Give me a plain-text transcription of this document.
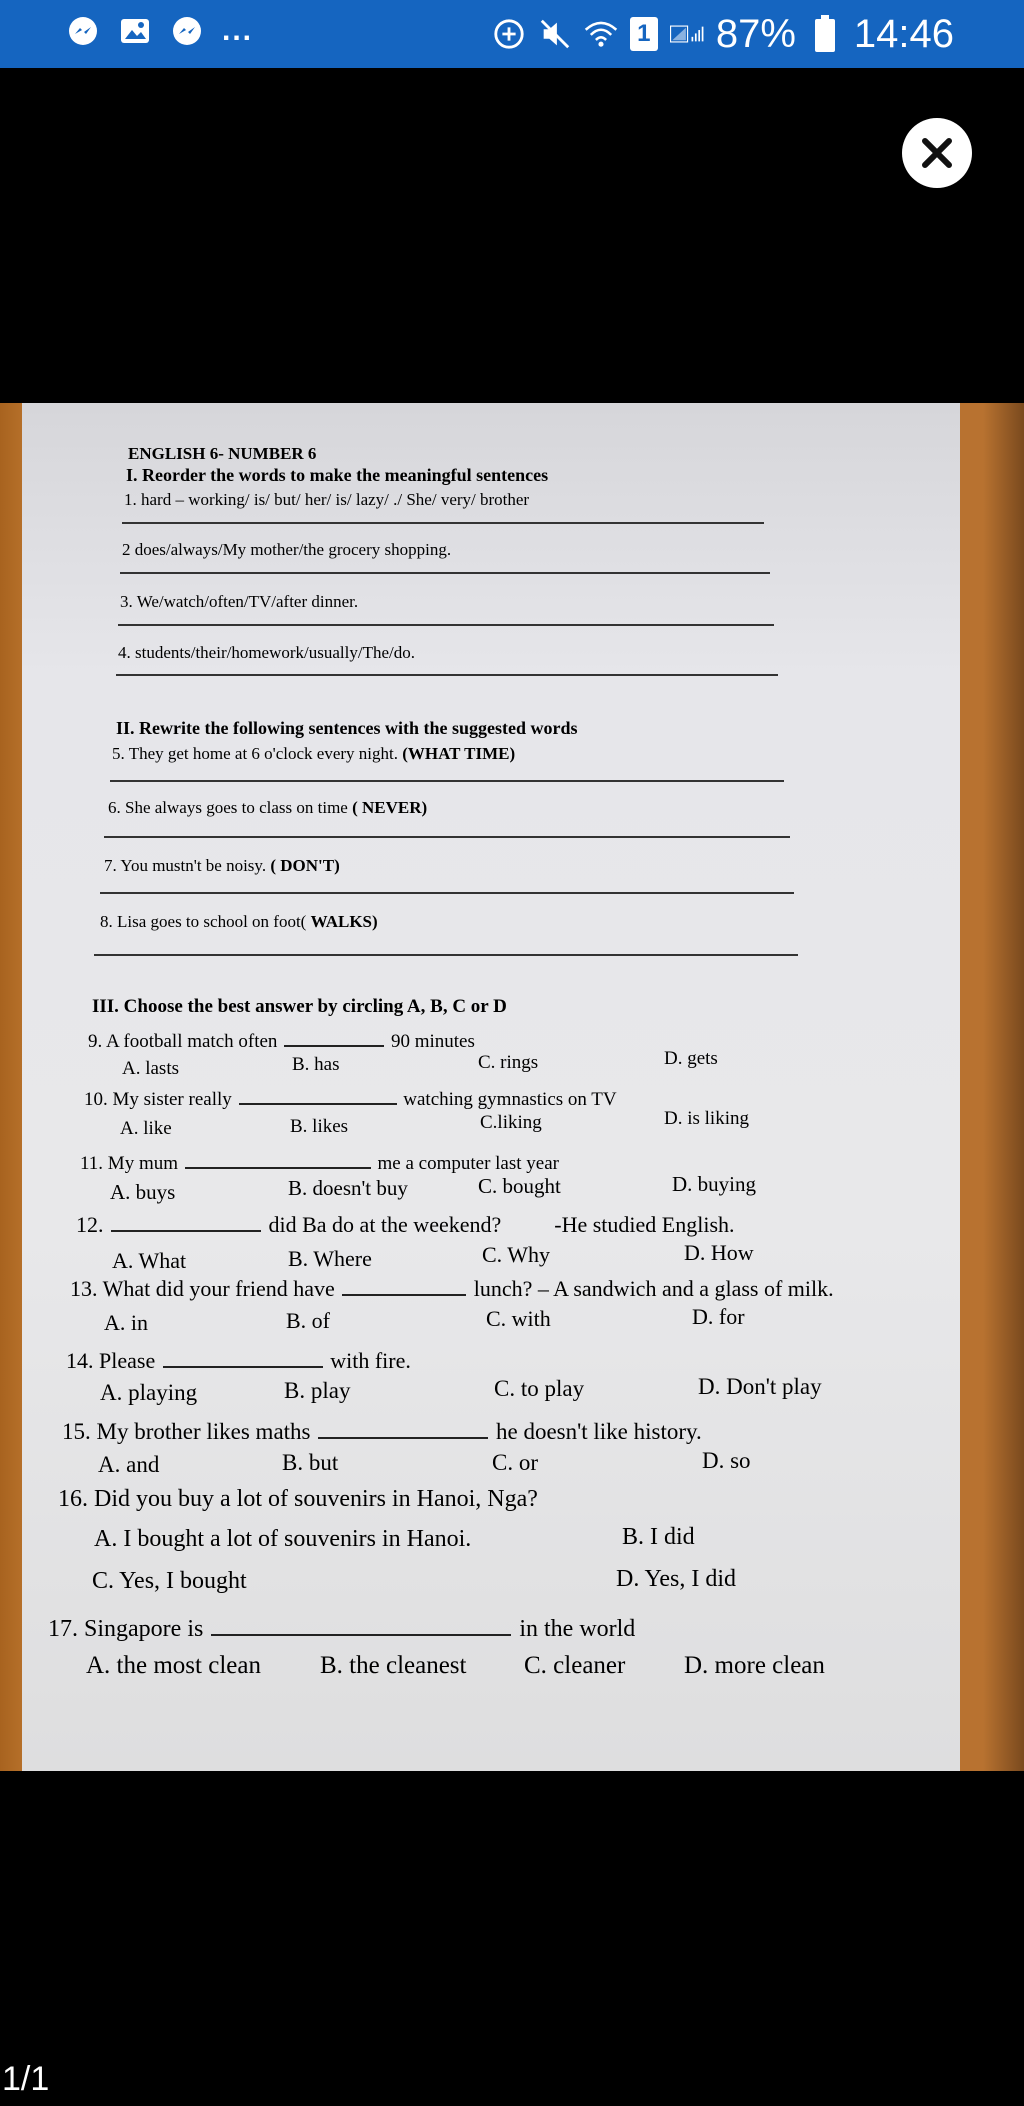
...	1 87% 14:46
ENGLISH 6- NUMBER 6
I. Reorder the words to make the meaningful sentences
1. hard – working/ is/ but/ her/ is/ lazy/ ./ She/ very/ brother
2 does/always/My mother/the grocery shopping.
3. We/watch/often/TV/after dinner.
4. students/their/homework/usually/The/do.
II. Rewrite the following sentences with the suggested words
5. They get home at 6 o'clock every night. (WHAT TIME)
6. She always goes to class on time ( NEVER)
7. You mustn't be noisy. ( DON'T)
8. Lisa goes to school on foot( WALKS)
III. Choose the best answer by circling A, B, C or D
9. A football match often	90 minutes
A. lasts	B. has	C. rings	D. gets
10. My sister really	watching gymnastics on TV
A. like	B. likes	C.liking	D. is liking
11. My mum	me a computer last year
A. buys	B. doesn't buy	C. bought	D. buying
12.	did Ba do at the weekend? -He studied English.
A. What	B. Where	C. Why	D. How
13. What did your friend have	lunch? – A sandwich and a glass of milk.
A. in	B. of	C. with	D. for
14. Please	with fire.
A. playing	B. play	C. to play	D. Don't play
15. My brother likes maths	he doesn't like history.
A. and	B. but	C. or	D. so
16. Did you buy a lot of souvenirs in Hanoi, Nga?
A. I bought a lot of souvenirs in Hanoi.	B. I did
C. Yes, I bought	D. Yes, I did
17. Singapore is	in the world
A. the most clean B. the cleanest C. cleaner D. more clean
1/1
